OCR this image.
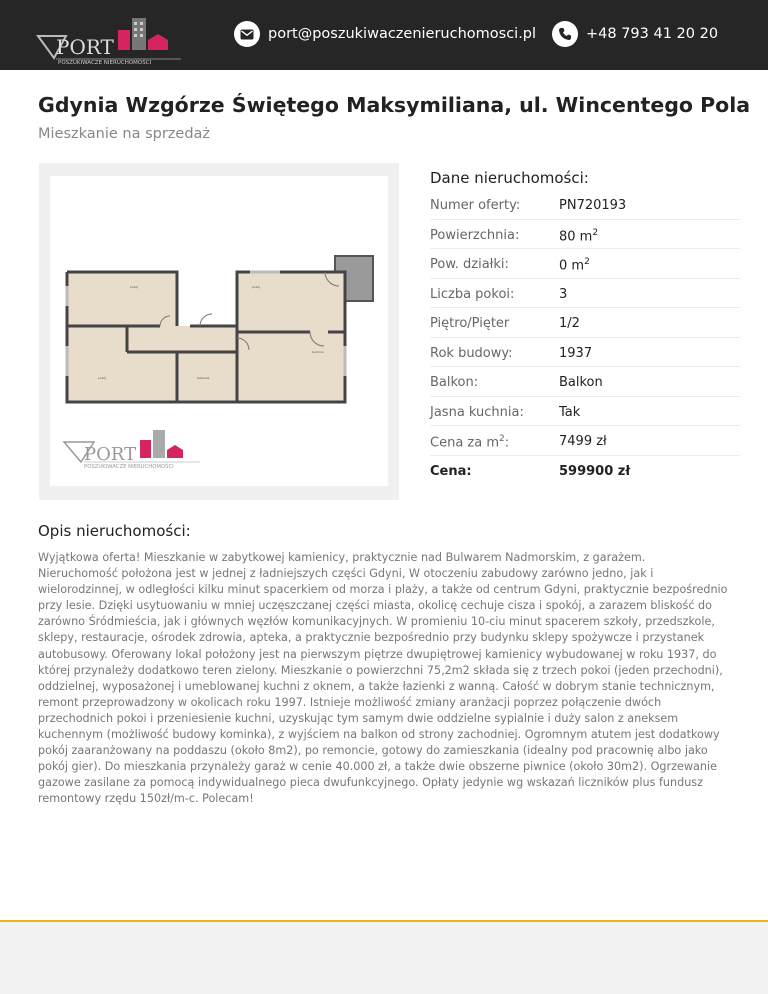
PORT
POSZUKIWACZE NIERUCHOMOŚCI
port@poszukiwaczenieruchomosci.pl	+48 793 41 20 20
Gdynia Wzgórze Świętego Maksymiliana, ul. Wincentego Pola
Mieszkanie na sprzedaż
pokój	pokój
pokój	łazienka
kuchnia
PORT
POSZUKIWACZE NIERUCHOMOŚCI
Dane nieruchomości:
Numer oferty:	PN720193
Powierzchnia:	80 $m^2$
Pow. działki:	0 $m^2$
Liczba pokoi:	3
Piętro/Pięter	1/2
Rok budowy:	1937
Balkon:	Balkon
Jasna kuchnia:	Tak
Cena za $m^2$:	7499 zł
Cena:	599900 zł
Opis nieruchomości:

Wyjątkowa oferta! Mieszkanie w zabytkowej kamienicy, praktycznie nad Bulwarem Nadmorskim, z garażem. Nieruchomość położona jest w jednej z ładniejszych części Gdyni, W otoczeniu zabudowy zarówno jedno, jak i wielorodzinnej, w odległości kilku minut spacerkiem od morza i plaży, a także od centrum Gdyni, praktycznie bezpośrednio przy lesie. Dzięki usytuowaniu w mniej uczęszczanej części miasta, okolicę cechuje cisza i spokój, a zarazem bliskość do zarówno Śródmieścia, jak i głównych węzłów komunikacyjnych. W promieniu 10-ciu minut spacerem szkoły, przedszkole, sklepy, restauracje, ośrodek zdrowia, apteka, a praktycznie bezpośrednio przy budynku sklepy spożywcze i przystanek autobusowy. Oferowany lokal położony jest na pierwszym piętrze dwupiętrowej kamienicy wybudowanej w roku 1937, do której przynależy dodatkowo teren zielony. Mieszkanie o powierzchni 75,2m2 składa się z trzech pokoi (jeden przechodni), oddzielnej, wyposażonej i umeblowanej kuchni z oknem, a także łazienki z wanną. Całość w dobrym stanie technicznym, remont przeprowadzony w okolicach roku 1997. Istnieje możliwość zmiany aranżacji poprzez połączenie dwóch przechodnich pokoi i przeniesienie kuchni, uzyskując tym samym dwie oddzielne sypialnie i duży salon z aneksem kuchennym (możliwość budowy kominka), z wyjściem na balkon od strony zachodniej. Ogromnym atutem jest dodatkowy pokój zaaranżowany na poddaszu (około 8m2), po remoncie, gotowy do zamieszkania (idealny pod pracownię albo jako pokój gier). Do mieszkania przynależy garaż w cenie 40.000 zł, a także dwie obszerne piwnice (około 30m2). Ogrzewanie gazowe zasilane za pomocą indywidualnego pieca dwufunkcyjnego. Opłaty jedynie wg wskazań liczników plus fundusz remontowy rzędu 150zł/m-c. Polecam!
